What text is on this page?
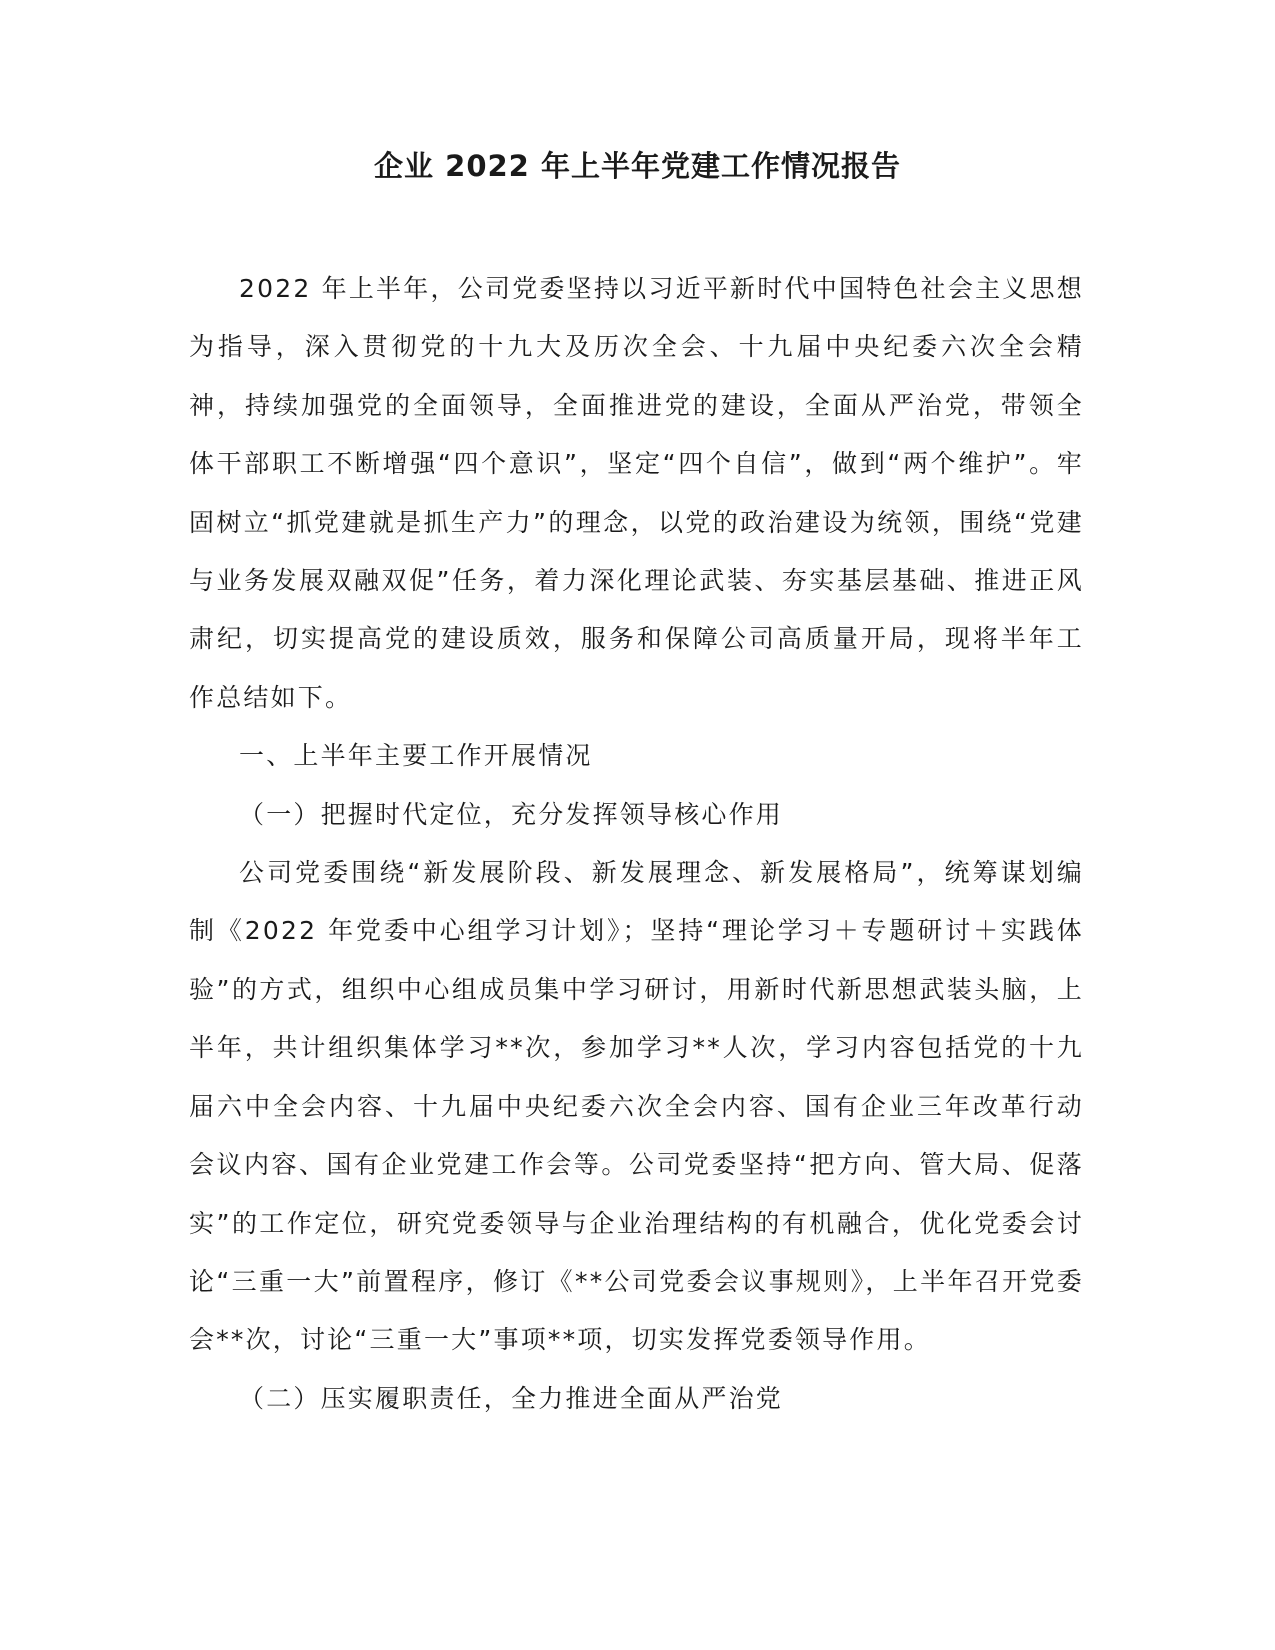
企业 2022 年上半年党建工作情况报告

2022 年上半年，公司党委坚持以习近平新时代中国特色社会主义思想为指导，深入贯彻党的十九大及历次全会、十九届中央纪委六次全会精神，持续加强党的全面领导，全面推进党的建设，全面从严治党，带领全体干部职工不断增强“四个意识”，坚定“四个自信”，做到“两个维护”。牢固树立“抓党建就是抓生产力”的理念，以党的政治建设为统领，围绕“党建与业务发展双融双促”任务，着力深化理论武装、夯实基层基础、推进正风肃纪，切实提高党的建设质效，服务和保障公司高质量开局，现将半年工作总结如下。

一、上半年主要工作开展情况

（一）把握时代定位，充分发挥领导核心作用

公司党委围绕“新发展阶段、新发展理念、新发展格局”，统筹谋划编制《2022 年党委中心组学习计划》；坚持“理论学习＋专题研讨＋实践体验”的方式，组织中心组成员集中学习研讨，用新时代新思想武装头脑，上半年，共计组织集体学习**次，参加学习**人次，学习内容包括党的十九届六中全会内容、十九届中央纪委六次全会内容、国有企业三年改革行动会议内容、国有企业党建工作会等。公司党委坚持“把方向、管大局、促落实”的工作定位，研究党委领导与企业治理结构的有机融合，优化党委会讨论“三重一大”前置程序，修订《**公司党委会议事规则》，上半年召开党委会**次，讨论“三重一大”事项**项，切实发挥党委领导作用。

（二）压实履职责任，全力推进全面从严治党
